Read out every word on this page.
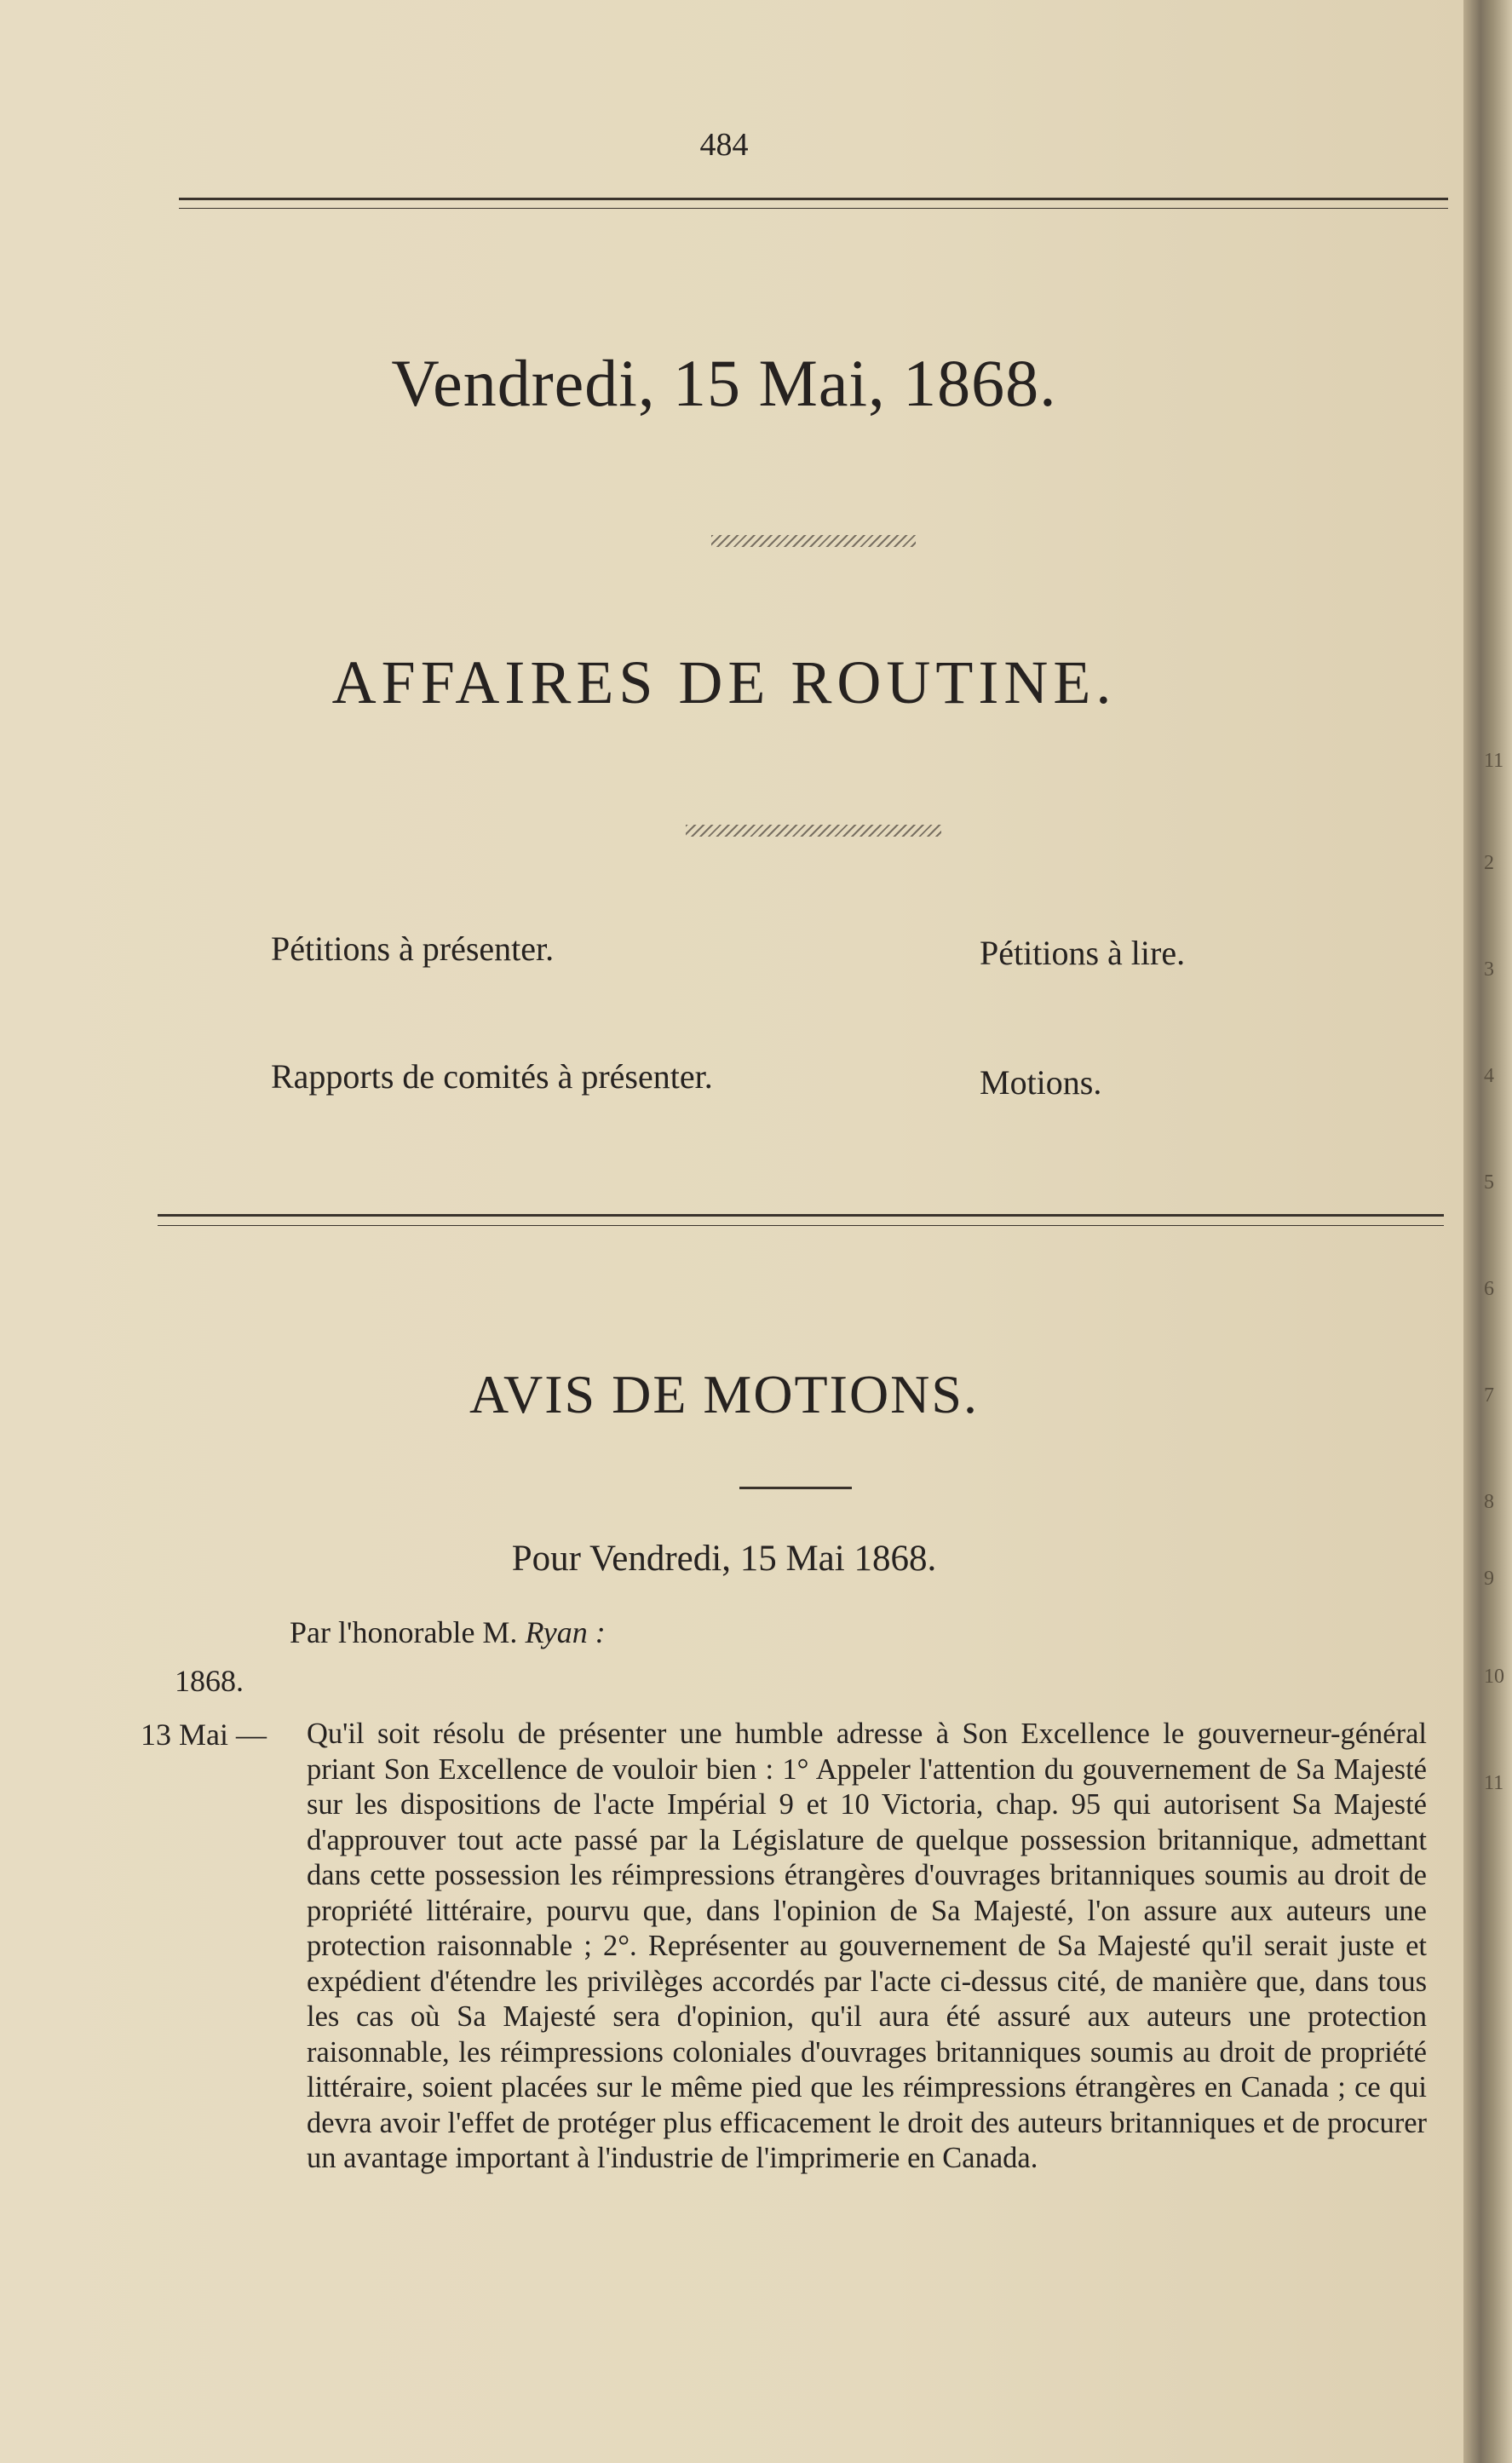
11
2
3
4
5
6
7
8
9
10
11
484
Vendredi, 15 Mai, 1868.
AFFAIRES DE ROUTINE.
Pétitions à présenter.	Pétitions à lire.
Rapports de comités à présenter.	Motions.
AVIS DE MOTIONS.
Pour Vendredi, 15 Mai 1868.
Par l'honorable M. Ryan :
1868.
13 Mai — Qu'il soit résolu de présenter une humble adresse à Son Excellence le gouverneur-général priant Son Excellence de vouloir bien : 1° Appeler l'attention du gouvernement de Sa Majesté sur les dispositions de l'acte Impérial 9 et 10 Victoria, chap. 95 qui autorisent Sa Majesté d'approuver tout acte passé par la Législature de quelque possession britannique, admettant dans cette possession les réimpressions étrangères d'ouvrages britanniques soumis au droit de propriété littéraire, pourvu que, dans l'opinion de Sa Majesté, l'on assure aux auteurs une protection raisonnable ; 2°. Représenter au gouvernement de Sa Majesté qu'il serait juste et expédient d'étendre les privilèges accordés par l'acte ci-dessus cité, de manière que, dans tous les cas où Sa Majesté sera d'opinion, qu'il aura été assuré aux auteurs une protection raisonnable, les réimpressions coloniales d'ouvrages britanniques soumis au droit de propriété littéraire, soient placées sur le même pied que les réimpressions étrangères en Canada ; ce qui devra avoir l'effet de protéger plus efficacement le droit des auteurs britanniques et de procurer un avantage important à l'industrie de l'imprimerie en Canada.
